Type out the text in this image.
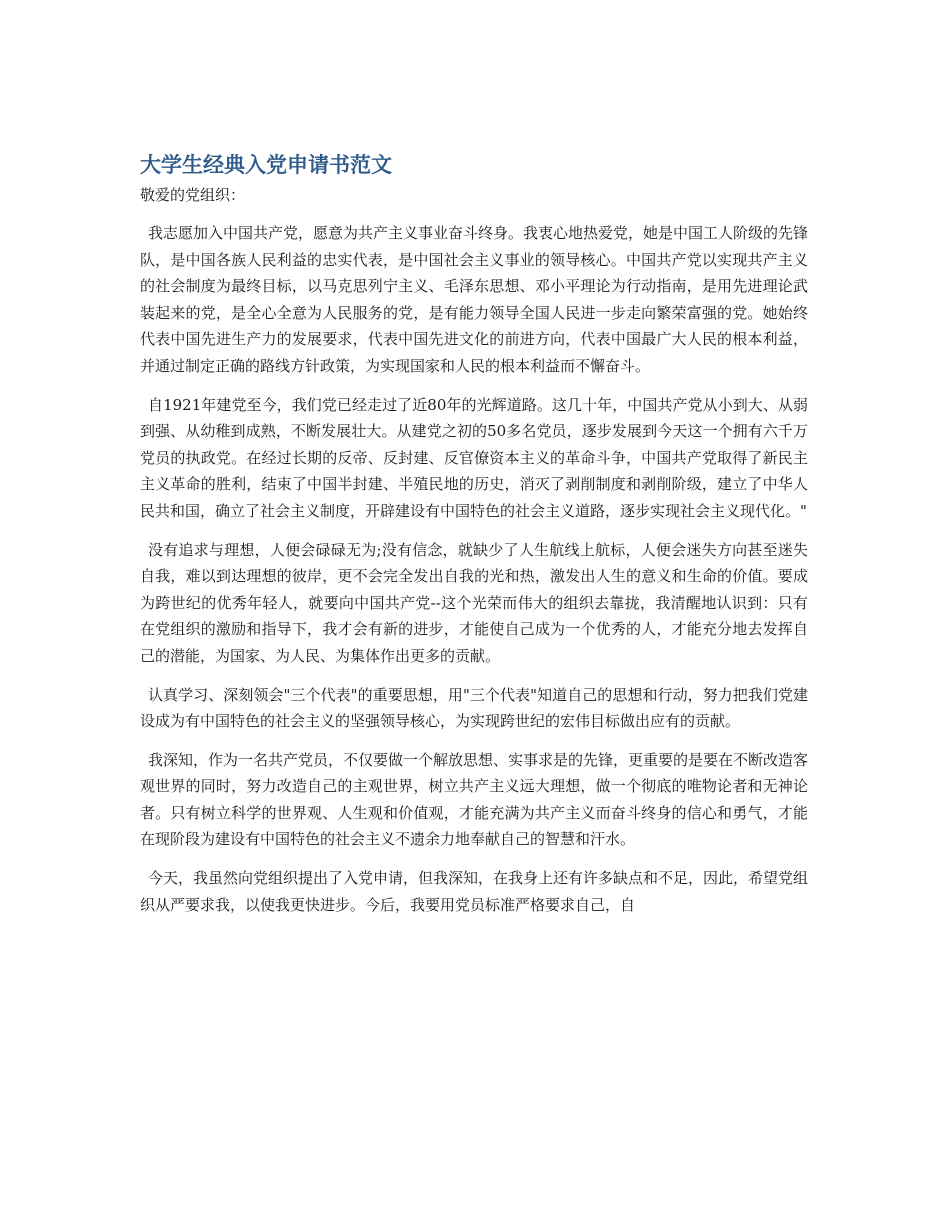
大学生经典入党申请书范文

敬爱的党组织：

我志愿加入中国共产党，愿意为共产主义事业奋斗终身。我衷心地热爱党，她是中国工人阶级的先锋队，是中国各族人民利益的忠实代表，是中国社会主义事业的领导核心。中国共产党以实现共产主义的社会制度为最终目标，以马克思列宁主义、毛泽东思想、邓小平理论为行动指南，是用先进理论武装起来的党，是全心全意为人民服务的党，是有能力领导全国人民进一步走向繁荣富强的党。她始终代表中国先进生产力的发展要求，代表中国先进文化的前进方向，代表中国最广大人民的根本利益，并通过制定正确的路线方针政策，为实现国家和人民的根本利益而不懈奋斗。

自1921年建党至今，我们党已经走过了近80年的光辉道路。这几十年，中国共产党从小到大、从弱到强、从幼稚到成熟，不断发展壮大。从建党之初的50多名党员，逐步发展到今天这一个拥有六千万党员的执政党。在经过长期的反帝、反封建、反官僚资本主义的革命斗争，中国共产党取得了新民主主义革命的胜利，结束了中国半封建、半殖民地的历史，消灭了剥削制度和剥削阶级，建立了中华人民共和国，确立了社会主义制度，开辟建设有中国特色的社会主义道路，逐步实现社会主义现代化。"

没有追求与理想，人便会碌碌无为;没有信念，就缺少了人生航线上航标，人便会迷失方向甚至迷失自我，难以到达理想的彼岸，更不会完全发出自我的光和热，激发出人生的意义和生命的价值。要成为跨世纪的优秀年轻人，就要向中国共产党--这个光荣而伟大的组织去靠拢，我清醒地认识到：只有在党组织的激励和指导下，我才会有新的进步，才能使自己成为一个优秀的人，才能充分地去发挥自己的潜能，为国家、为人民、为集体作出更多的贡献。

认真学习、深刻领会"三个代表"的重要思想，用"三个代表"知道自己的思想和行动，努力把我们党建设成为有中国特色的社会主义的坚强领导核心，为实现跨世纪的宏伟目标做出应有的贡献。

我深知，作为一名共产党员，不仅要做一个解放思想、实事求是的先锋，更重要的是要在不断改造客观世界的同时，努力改造自己的主观世界，树立共产主义远大理想，做一个彻底的唯物论者和无神论者。只有树立科学的世界观、人生观和价值观，才能充满为共产主义而奋斗终身的信心和勇气，才能在现阶段为建设有中国特色的社会主义不遗余力地奉献自己的智慧和汗水。

今天，我虽然向党组织提出了入党申请，但我深知，在我身上还有许多缺点和不足，因此，希望党组织从严要求我，以使我更快进步。今后，我要用党员标准严格要求自己，自
